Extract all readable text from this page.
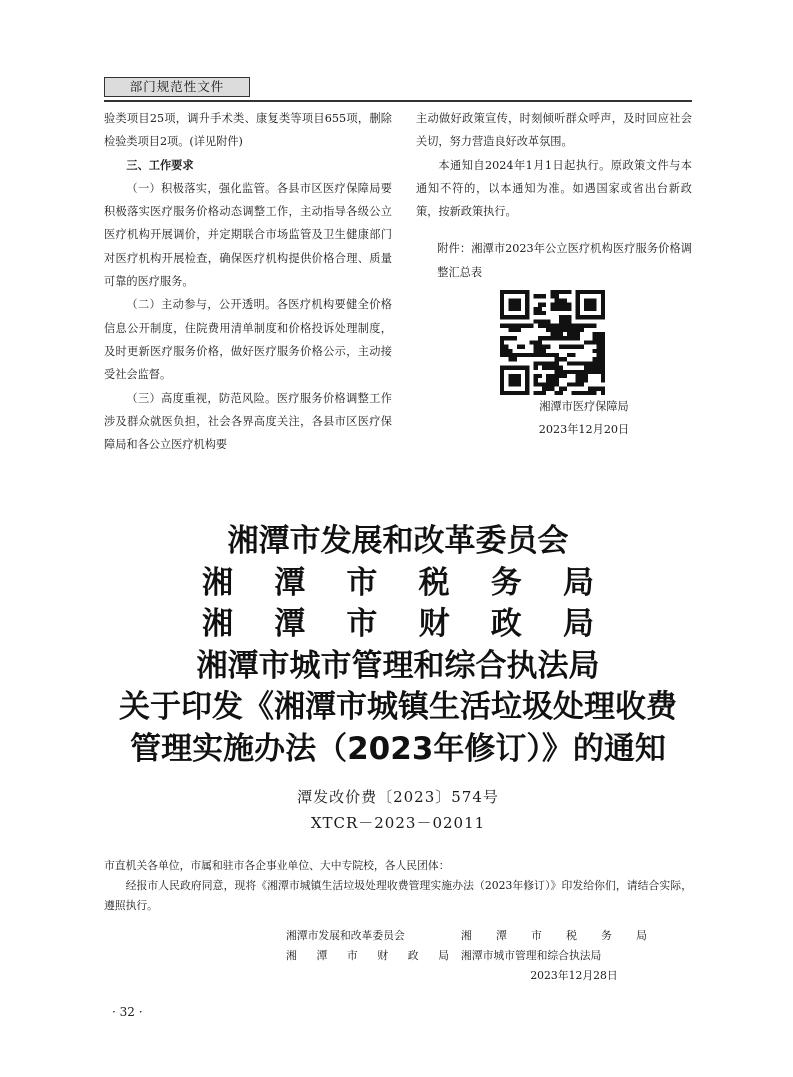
部门规范性文件

验类项目25项，调升手术类、康复类等项目655项，删除检验类项目2项。(详见附件)

三、工作要求

（一）积极落实，强化监管。各县市区医疗保障局要积极落实医疗服务价格动态调整工作，主动指导各级公立医疗机构开展调价，并定期联合市场监管及卫生健康部门对医疗机构开展检查，确保医疗机构提供价格合理、质量可靠的医疗服务。

（二）主动参与，公开透明。各医疗机构要健全价格信息公开制度，住院费用清单制度和价格投诉处理制度，及时更新医疗服务价格，做好医疗服务价格公示，主动接受社会监督。

（三）高度重视，防范风险。医疗服务价格调整工作涉及群众就医负担，社会各界高度关注，各县市区医疗保障局和各公立医疗机构要

主动做好政策宣传，时刻倾听群众呼声，及时回应社会关切，努力营造良好改革氛围。

本通知自2024年1月1日起执行。原政策文件与本通知不符的，以本通知为准。如遇国家或省出台新政策，按新政策执行。

附件：湘潭市2023年公立医疗机构医疗服务价格调整汇总表

湘潭市医疗保障局

2023年12月20日

湘潭市发展和改革委员会
湘 潭 市 税 务 局
湘 潭 市 财 政 局
湘潭市城市管理和综合执法局
关于印发《湘潭市城镇生活垃圾处理收费
管理实施办法（2023年修订）》的通知
潭发改价费〔2023〕574号
XTCR－2023－02011

市直机关各单位，市属和驻市各企事业单位、大中专院校，各人民团体：

经报市人民政府同意，现将《湘潭市城镇生活垃圾处理收费管理实施办法（2023年修订）》印发给你们，请结合实际，遵照执行。

湘潭市发展和改革委员会	湘 潭 市 税 务 局
湘 潭 市 财 政 局 湘潭市城市管理和综合执法局
2023年12月28日
· 32 ·
